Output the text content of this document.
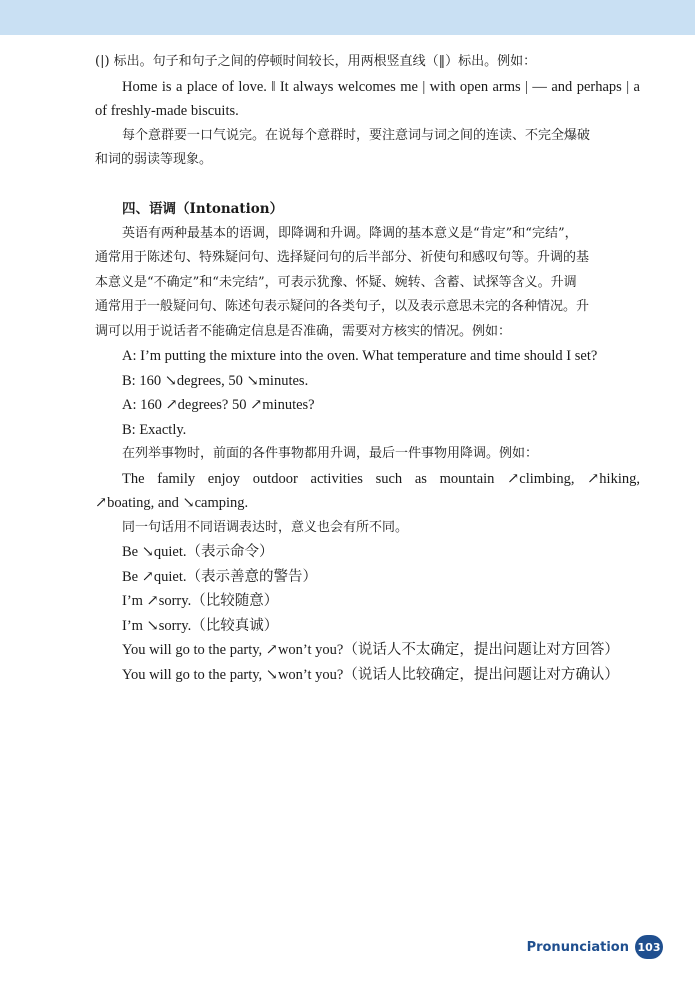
(|) 标出。句子和句子之间的停顿时间较长，用两根竖直线（‖）标出。例如：
Home is a place of love. ‖ It always welcomes me | with open arms | — and perhaps | a
of freshly-made biscuits.
每个意群要一口气说完。在说每个意群时，要注意词与词之间的连读、不完全爆破
和词的弱读等现象。
四、语调（Intonation）
英语有两种最基本的语调，即降调和升调。降调的基本意义是“肯定”和“完结”，
通常用于陈述句、特殊疑问句、选择疑问句的后半部分、祈使句和感叹句等。升调的基
本意义是“不确定”和“未完结”，可表示犹豫、怀疑、婉转、含蓄、试探等含义。升调
通常用于一般疑问句、陈述句表示疑问的各类句子，以及表示意思未完的各种情况。升
调可以用于说话者不能确定信息是否准确，需要对方核实的情况。例如：
A: I’m putting the mixture into the oven. What temperature and time should I set?
B: 160 ↘degrees, 50 ↘minutes.
A: 160 ↗degrees? 50 ↗minutes?
B: Exactly.
在列举事物时，前面的各件事物都用升调，最后一件事物用降调。例如：
The family enjoy outdoor activities such as mountain ↗climbing, ↗hiking,
↗boating, and ↘camping.
同一句话用不同语调表达时，意义也会有所不同。
Be ↘quiet.（表示命令）
Be ↗quiet.（表示善意的警告）
I’m ↗sorry.（比较随意）
I’m ↘sorry.（比较真诚）
You will go to the party, ↗won’t you?（说话人不太确定，提出问题让对方回答）
You will go to the party, ↘won’t you?（说话人比较确定，提出问题让对方确认）
Pronunciation 103
